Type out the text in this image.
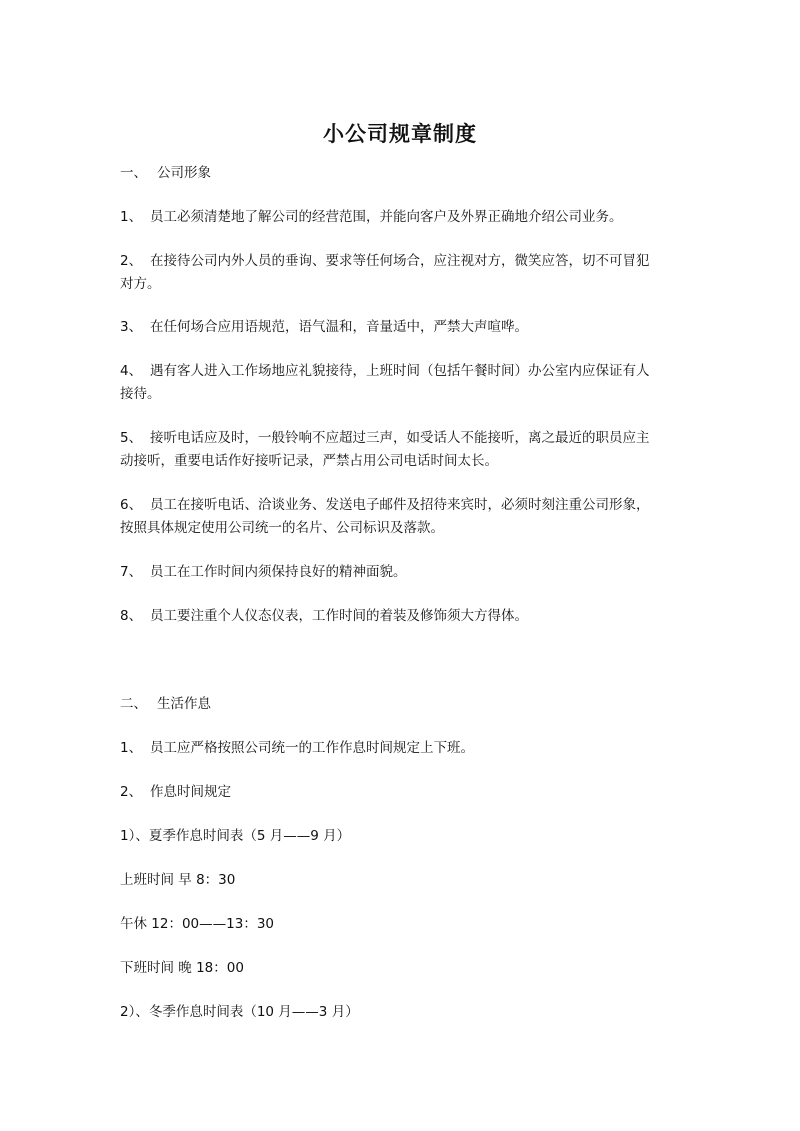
小公司规章制度
一、 公司形象
1、 员工必须清楚地了解公司的经营范围，并能向客户及外界正确地介绍公司业务。
2、 在接待公司内外人员的垂询、要求等任何场合，应注视对方，微笑应答，切不可冒犯
对方。
3、 在任何场合应用语规范，语气温和，音量适中，严禁大声喧哗。
4、 遇有客人进入工作场地应礼貌接待，上班时间（包括午餐时间）办公室内应保证有人
接待。
5、 接听电话应及时，一般铃响不应超过三声，如受话人不能接听，离之最近的职员应主
动接听，重要电话作好接听记录，严禁占用公司电话时间太长。
6、 员工在接听电话、洽谈业务、发送电子邮件及招待来宾时，必须时刻注重公司形象，
按照具体规定使用公司统一的名片、公司标识及落款。
7、 员工在工作时间内须保持良好的精神面貌。
8、 员工要注重个人仪态仪表，工作时间的着装及修饰须大方得体。
二、 生活作息
1、 员工应严格按照公司统一的工作作息时间规定上下班。
2、 作息时间规定
1）、夏季作息时间表（5 月——9 月）
上班时间 早 8：30
午休 12：00——13：30
下班时间 晚 18：00
2）、冬季作息时间表（10 月——3 月）
